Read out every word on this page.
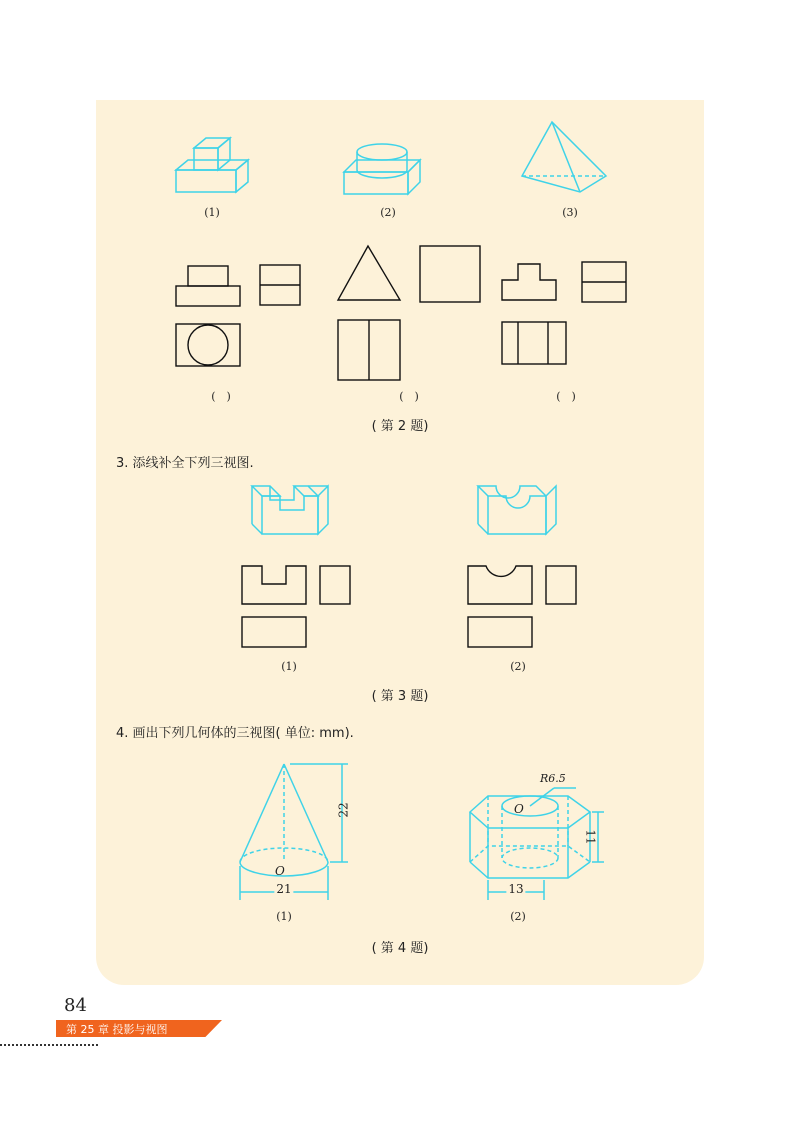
(1)	(2)	(3)
(　)	(　)	(　)
( 第 2 题)
3. 添线补全下列三视图.
(1)	(2)
( 第 3 题)
4. 画出下列几何体的三视图( 单位: mm).
22
21
O
R6.5
O
11
13
(1)	(2)
( 第 4 题)
84
第 25 章 投影与视图
